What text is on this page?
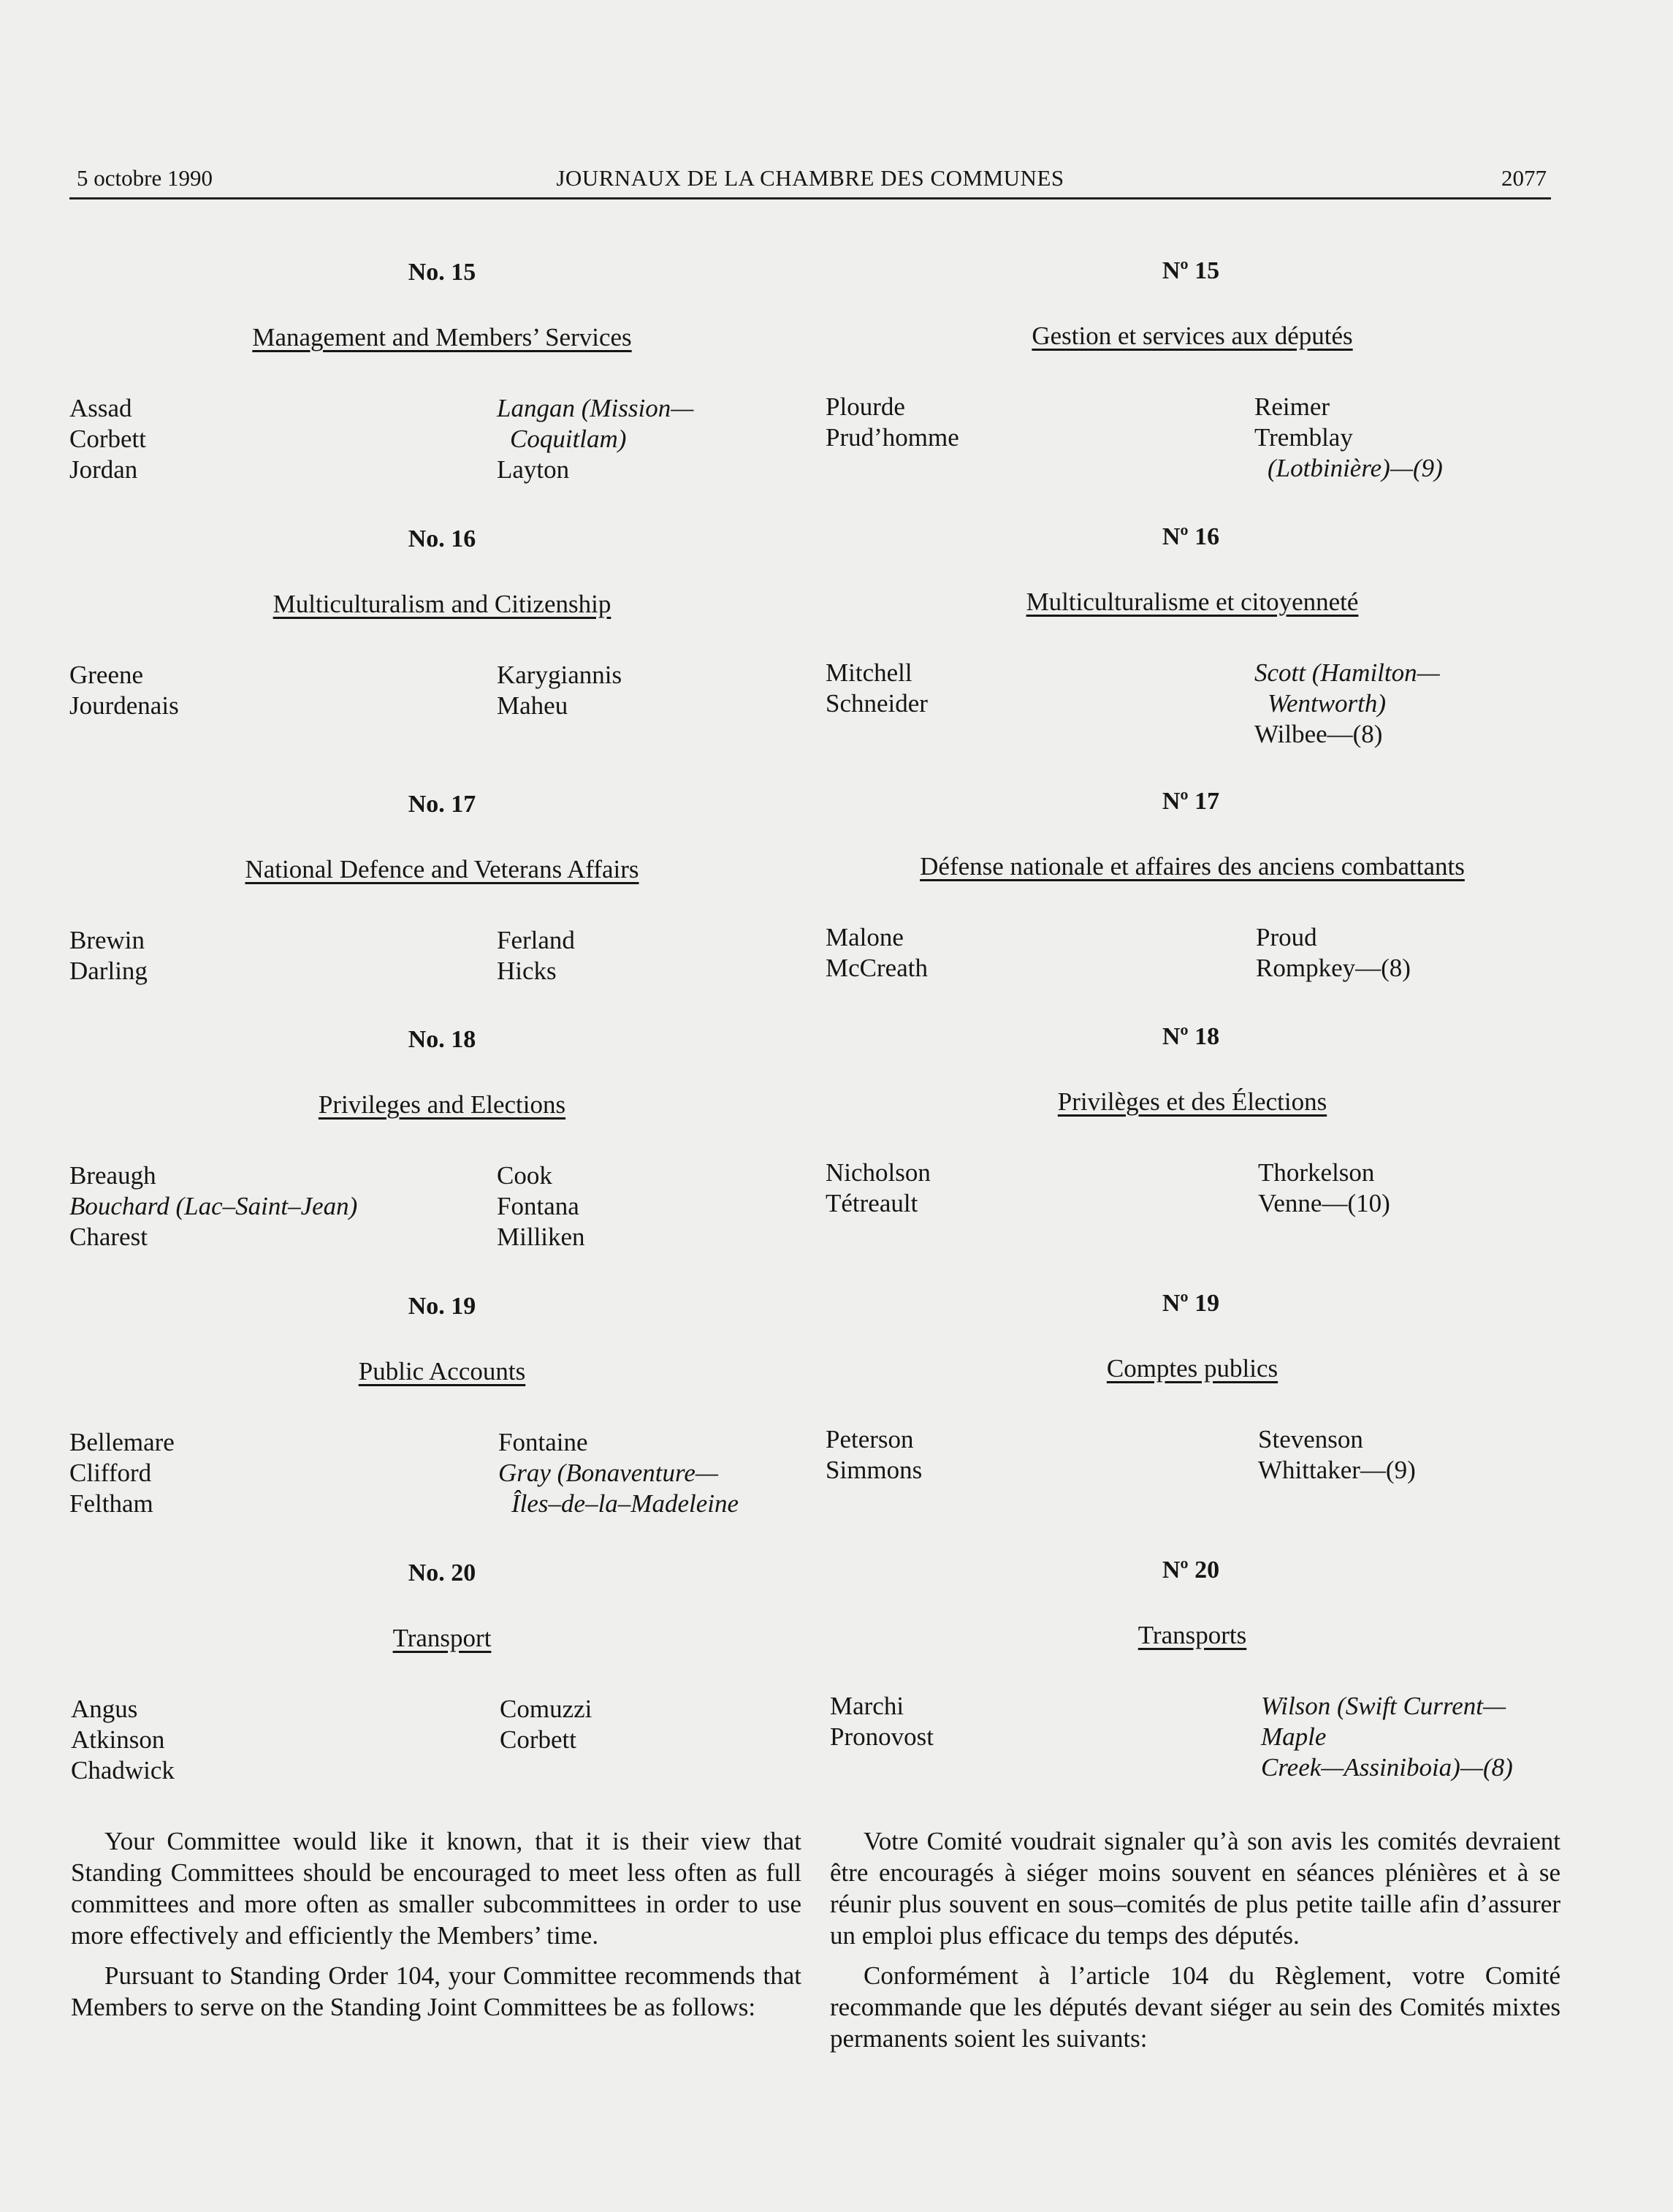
5 octobre 1990	JOURNAUX DE LA CHAMBRE DES COMMUNES	2077
No. 15
Management and Members’ Services
Assad
Corbett
Jordan
Langan (Mission—
Coquitlam)
Layton
No. 16
Multiculturalism and Citizenship
Greene
Jourdenais
Karygiannis
Maheu
No. 17
National Defence and Veterans Affairs
Brewin
Darling
Ferland
Hicks
No. 18
Privileges and Elections
Breaugh
Bouchard (Lac–Saint–Jean)
Charest
Cook
Fontana
Milliken
No. 19
Public Accounts
Bellemare
Clifford
Feltham
Fontaine
Gray (Bonaventure—
Îles–de–la–Madeleine
No. 20
Transport
Angus
Atkinson
Chadwick
Comuzzi
Corbett

Your Committee would like it known, that it is their view that Standing Committees should be encouraged to meet less often as full committees and more often as smaller subcommittees in order to use more effectively and efficiently the Members’ time.

Pursuant to Standing Order 104, your Committee recommends that Members to serve on the Standing Joint Committees be as follows:

Nº 15
Gestion et services aux députés
Plourde
Prud’homme
Reimer
Tremblay
(Lotbinière)—(9)
Nº 16
Multiculturalisme et citoyenneté
Mitchell
Schneider
Scott (Hamilton—
Wentworth)
Wilbee—(8)
Nº 17
Défense nationale et affaires des anciens combattants
Malone
McCreath
Proud
Rompkey—(8)
Nº 18
Privilèges et des Élections
Nicholson
Tétreault
Thorkelson
Venne—(10)
Nº 19
Comptes publics
Peterson
Simmons
Stevenson
Whittaker—(9)
Nº 20
Transports
Marchi
Pronovost
Wilson (Swift Current—
Maple
Creek—Assiniboia)—(8)

Votre Comité voudrait signaler qu’à son avis les comités devraient être encouragés à siéger moins souvent en séances plénières et à se réunir plus souvent en sous–comités de plus petite taille afin d’assurer un emploi plus efficace du temps des députés.

Conformément à l’article 104 du Règlement, votre Comité recommande que les députés devant siéger au sein des Comités mixtes permanents soient les suivants:
